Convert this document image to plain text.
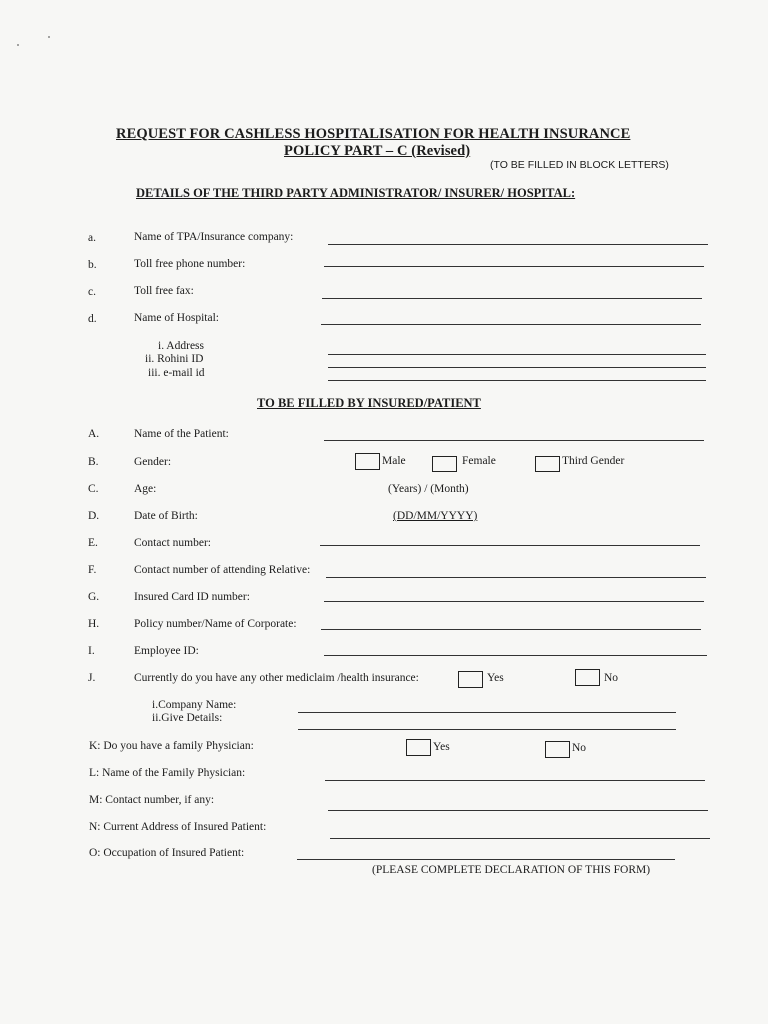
REQUEST FOR CASHLESS HOSPITALISATION FOR HEALTH INSURANCE
POLICY PART – C (Revised)
(TO BE FILLED IN BLOCK LETTERS)
DETAILS OF THE THIRD PARTY ADMINISTRATOR/ INSURER/ HOSPITAL:
a.	Name of TPA/Insurance company:
b.	Toll free phone number:
c.	Toll free fax:
d.	Name of Hospital:
i. Address
ii. Rohini ID
iii. e-mail id
TO BE FILLED BY INSURED/PATIENT
A.	Name of the Patient:
B.	Gender:	Male	Female	Third Gender
C.	Age:	(Years) / (Month)
D.	Date of Birth:	(DD/MM/YYYY)
E.	Contact number:
F.	Contact number of attending Relative:
G.	Insured Card ID number:
H.	Policy number/Name of Corporate:
I.	Employee ID:
J.	Currently do you have any other mediclaim /health insurance:	Yes	No
i.Company Name:
ii.Give Details:
K: Do you have a family Physician:	Yes	No
L: Name of the Family Physician:
M: Contact number, if any:
N: Current Address of Insured Patient:
O: Occupation of Insured Patient:
(PLEASE COMPLETE DECLARATION OF THIS FORM)
